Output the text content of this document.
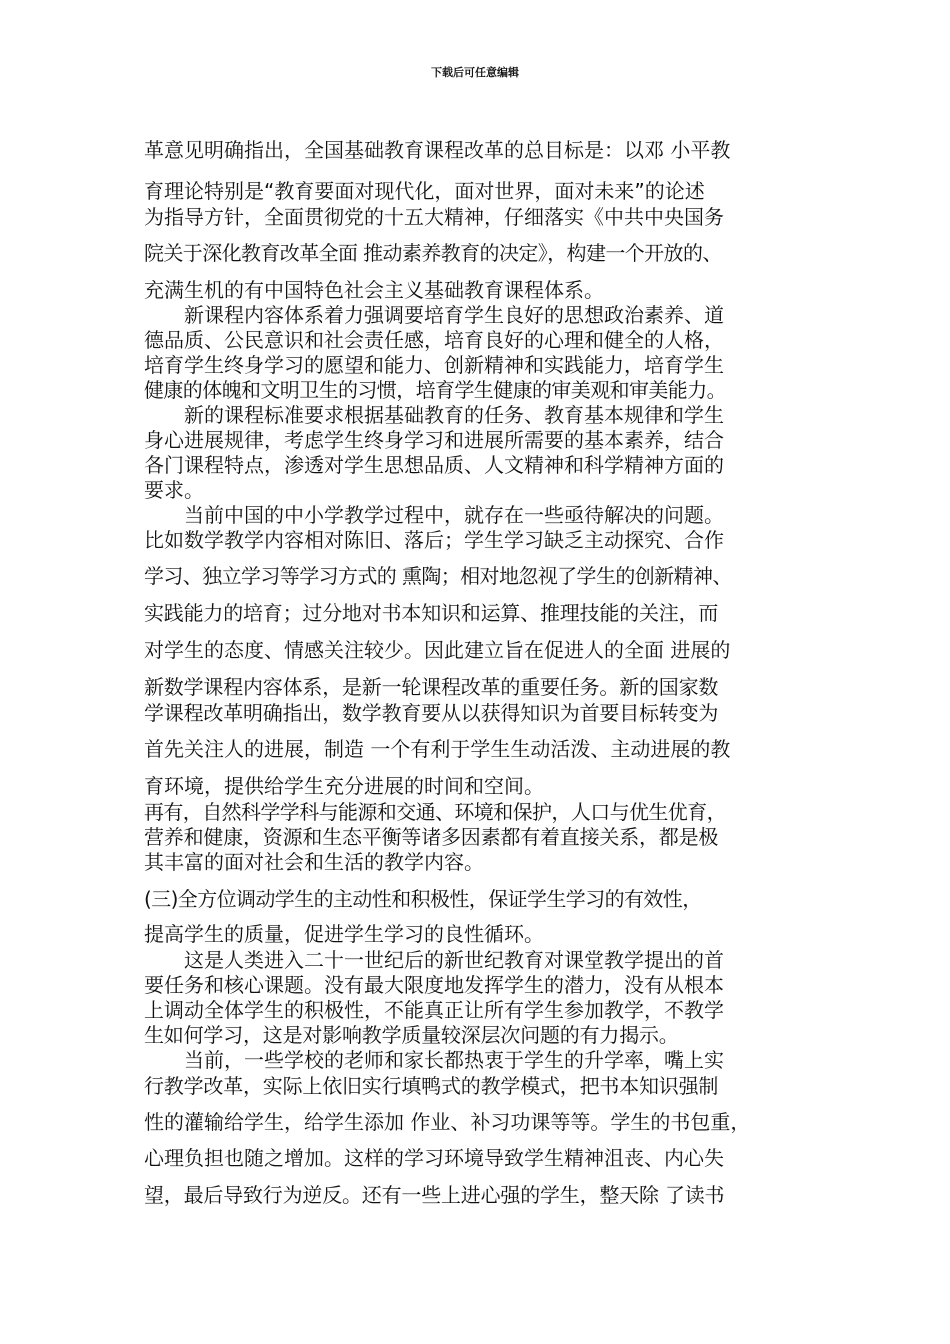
下载后可任意编辑
革意见明确指出，全国基础教育课程改革的总目标是：以邓 小平教
育理论特别是“教育要面对现代化，面对世界，面对未来”的论述
为指导方针，全面贯彻党的十五大精神，仔细落实《中共中央国务
院关于深化教育改革全面 推动素养教育的决定》，构建一个开放的、
充满生机的有中国特色社会主义基础教育课程体系。
新课程内容体系着力强调要培育学生良好的思想政治素养、道
德品质、公民意识和社会责任感，培育良好的心理和健全的人格，
培育学生终身学习的愿望和能力、创新精神和实践能力，培育学生
健康的体魄和文明卫生的习惯，培育学生健康的审美观和审美能力。
新的课程标准要求根据基础教育的任务、教育基本规律和学生
身心进展规律，考虑学生终身学习和进展所需要的基本素养，结合
各门课程特点，渗透对学生思想品质、人文精神和科学精神方面的
要求。
当前中国的中小学教学过程中，就存在一些亟待解决的问题。
比如数学教学内容相对陈旧、落后；学生学习缺乏主动探究、合作
学习、独立学习等学习方式的 熏陶；相对地忽视了学生的创新精神、
实践能力的培育；过分地对书本知识和运算、推理技能的关注，而
对学生的态度、情感关注较少。因此建立旨在促进人的全面 进展的
新数学课程内容体系，是新一轮课程改革的重要任务。新的国家数
学课程改革明确指出，数学教育要从以获得知识为首要目标转变为
首先关注人的进展，制造 一个有利于学生生动活泼、主动进展的教
育环境，提供给学生充分进展的时间和空间。
再有，自然科学学科与能源和交通、环境和保护，人口与优生优育，
营养和健康，资源和生态平衡等诸多因素都有着直接关系，都是极
其丰富的面对社会和生活的教学内容。
(三)全方位调动学生的主动性和积极性，保证学生学习的有效性，
提高学生的质量，促进学生学习的良性循环。
这是人类进入二十一世纪后的新世纪教育对课堂教学提出的首
要任务和核心课题。没有最大限度地发挥学生的潜力，没有从根本
上调动全体学生的积极性，不能真正让所有学生参加教学，不教学
生如何学习，这是对影响教学质量较深层次问题的有力揭示。
当前，一些学校的老师和家长都热衷于学生的升学率，嘴上实
行教学改革，实际上依旧实行填鸭式的教学模式，把书本知识强制
性的灌输给学生，给学生添加 作业、补习功课等等。学生的书包重，
心理负担也随之增加。这样的学习环境导致学生精神沮丧、内心失
望，最后导致行为逆反。还有一些上进心强的学生，整天除 了读书
